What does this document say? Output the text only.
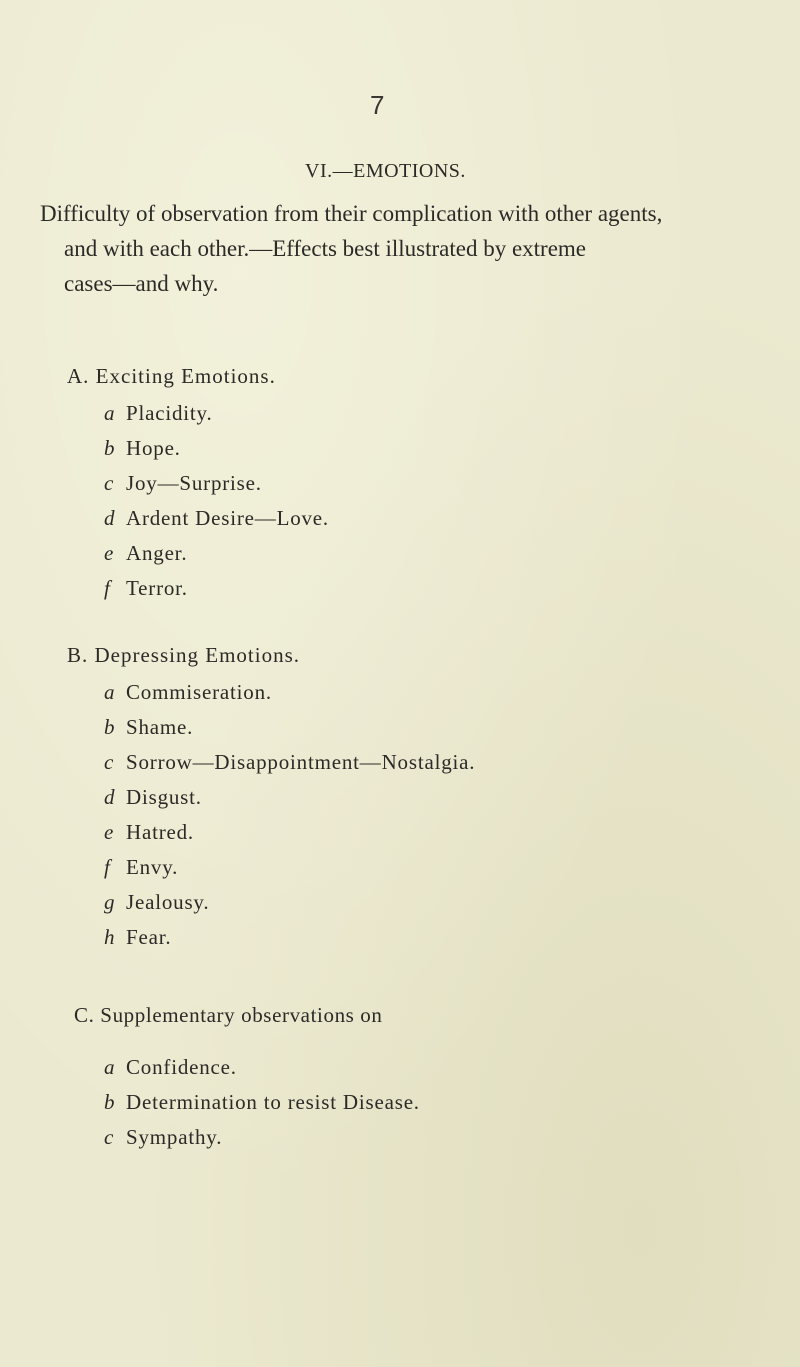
7
VI.—EMOTIONS.
Difficulty of observation from their complication with other agents,
and with each other.—Effects best illustrated by extreme
cases—and why.
A. Exciting Emotions.
a Placidity.
b Hope.
c Joy—Surprise.
d Ardent Desire—Love.
e Anger.
f Terror.
B. Depressing Emotions.
a Commiseration.
b Shame.
c Sorrow—Disappointment—Nostalgia.
d Disgust.
e Hatred.
f Envy.
g Jealousy.
h Fear.
C. Supplementary observations on
a Confidence.
b Determination to resist Disease.
c Sympathy.
